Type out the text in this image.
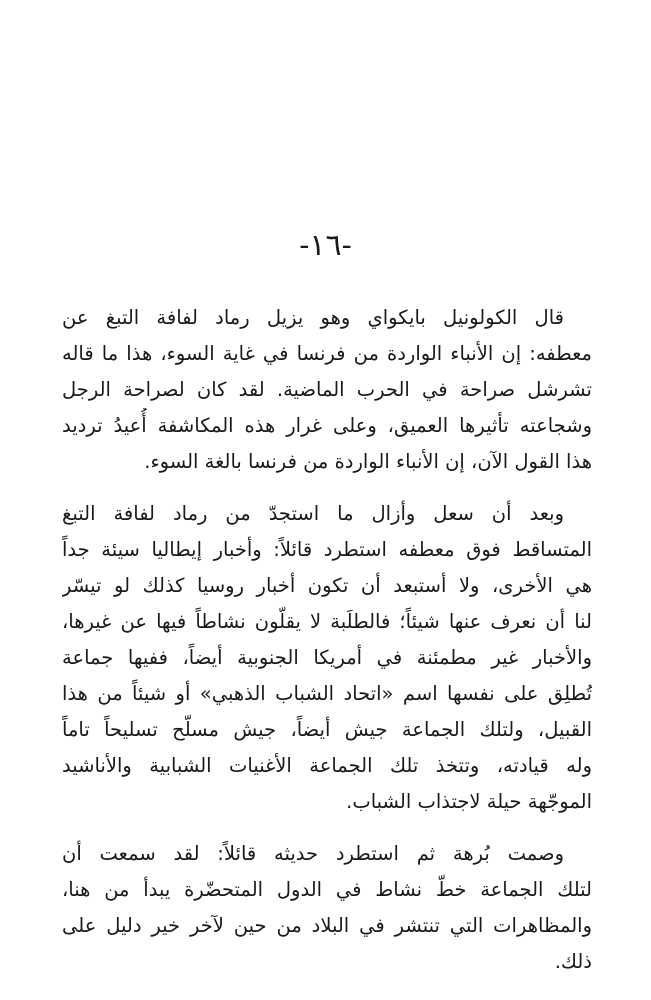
-١٦-

قال الكولونيل بايكواي وهو يزيل رماد لفافة التبغ عن
معطفه: إن الأنباء الواردة من فرنسا في غاية السوء، هذا ما قاله
تشرشل صراحة في الحرب الماضية. لقد كان لصراحة الرجل
وشجاعته تأثيرها العميق، وعلى غرار هذه المكاشفة أُعيدُ ترديد
هذا القول الآن، إن الأنباء الواردة من فرنسا بالغة السوء.

وبعد أن سعل وأزال ما استجدّ من رماد لفافة التبغ
المتساقط فوق معطفه استطرد قائلاً: وأخبار إيطاليا سيئة جداً
هي الأخرى، ولا أستبعد أن تكون أخبار روسيا كذلك لو تيسّر
لنا أن نعرف عنها شيئاً؛ فالطلَبة لا يقلّون نشاطاً فيها عن غيرها،
والأخبار غير مطمئنة في أمريكا الجنوبية أيضاً، ففيها جماعة
تُطلِق على نفسها اسم «اتحاد الشباب الذهبي» أو شيئاً من هذا
القبيل، ولتلك الجماعة جيش أيضاً، جيش مسلّح تسليحاً تاماً
وله قيادته، وتتخذ تلك الجماعة الأغنيات الشبابية والأناشيد
الموجّهة حيلة لاجتذاب الشباب.

وصمت بُرهة ثم استطرد حديثه قائلاً: لقد سمعت أن
لتلك الجماعة خطّ نشاط في الدول المتحضّرة يبدأ من هنا،
والمظاهرات التي تنتشر في البلاد من حين لآخر خير دليل على
ذلك.
